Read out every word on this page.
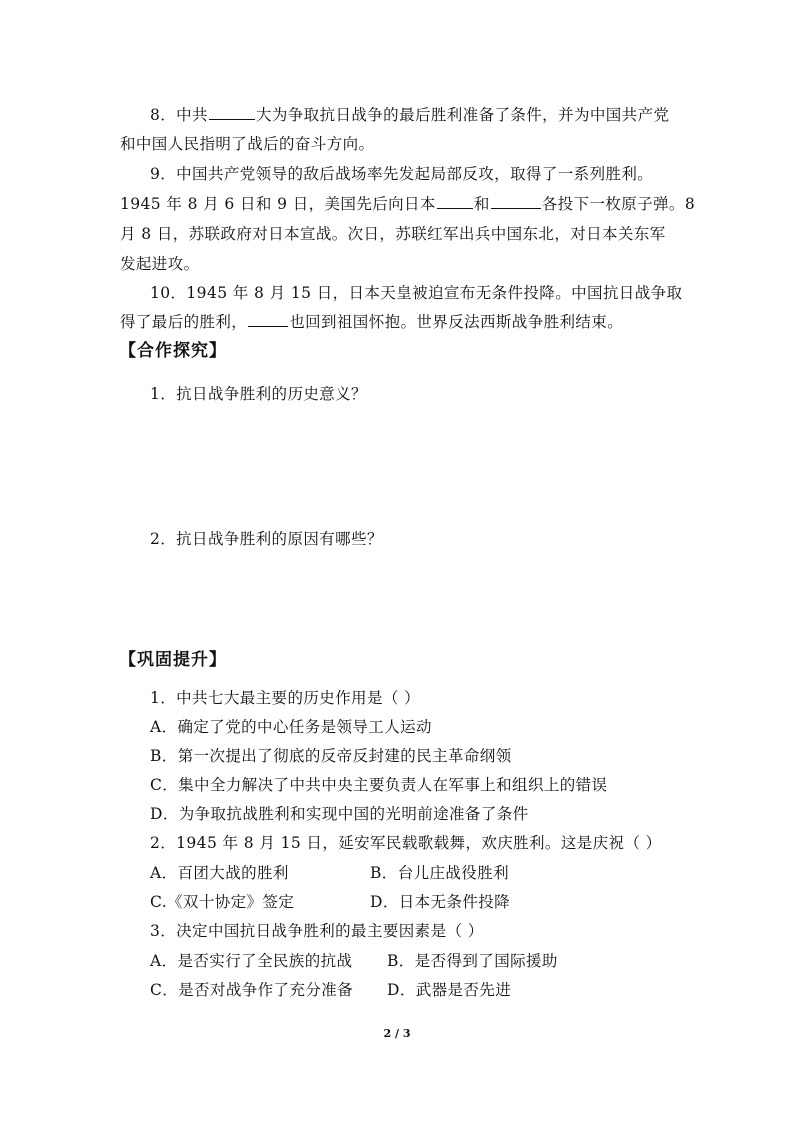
8．中共	大为争取抗日战争的最后胜利准备了条件，并为中国共产党
和中国人民指明了战后的奋斗方向。
9．中国共产党领导的敌后战场率先发起局部反攻，取得了一系列胜利。
1945 年 8 月 6 日和 9 日，美国先后向日本 和	各投下一枚原子弹。8
月 8 日，苏联政府对日本宣战。次日，苏联红军出兵中国东北，对日本关东军
发起进攻。
10．1945 年 8 月 15 日，日本天皇被迫宣布无条件投降。中国抗日战争取
得了最后的胜利，	也回到祖国怀抱。世界反法西斯战争胜利结束。
【合作探究】
1．抗日战争胜利的历史意义？
2．抗日战争胜利的原因有哪些？
【巩固提升】
1．中共七大最主要的历史作用是（ ）
A．确定了党的中心任务是领导工人运动
B．第一次提出了彻底的反帝反封建的民主革命纲领
C．集中全力解决了中共中央主要负责人在军事上和组织上的错误
D．为争取抗战胜利和实现中国的光明前途准备了条件
2．1945 年 8 月 15 日，延安军民载歌载舞，欢庆胜利。这是庆祝（ ）
A．百团大战的胜利	B．台儿庄战役胜利
C.《双十协定》签定	D．日本无条件投降
3．决定中国抗日战争胜利的最主要因素是（ ）
A．是否实行了全民族的抗战 B．是否得到了国际援助
C．是否对战争作了充分准备 D．武器是否先进
2 / 3
